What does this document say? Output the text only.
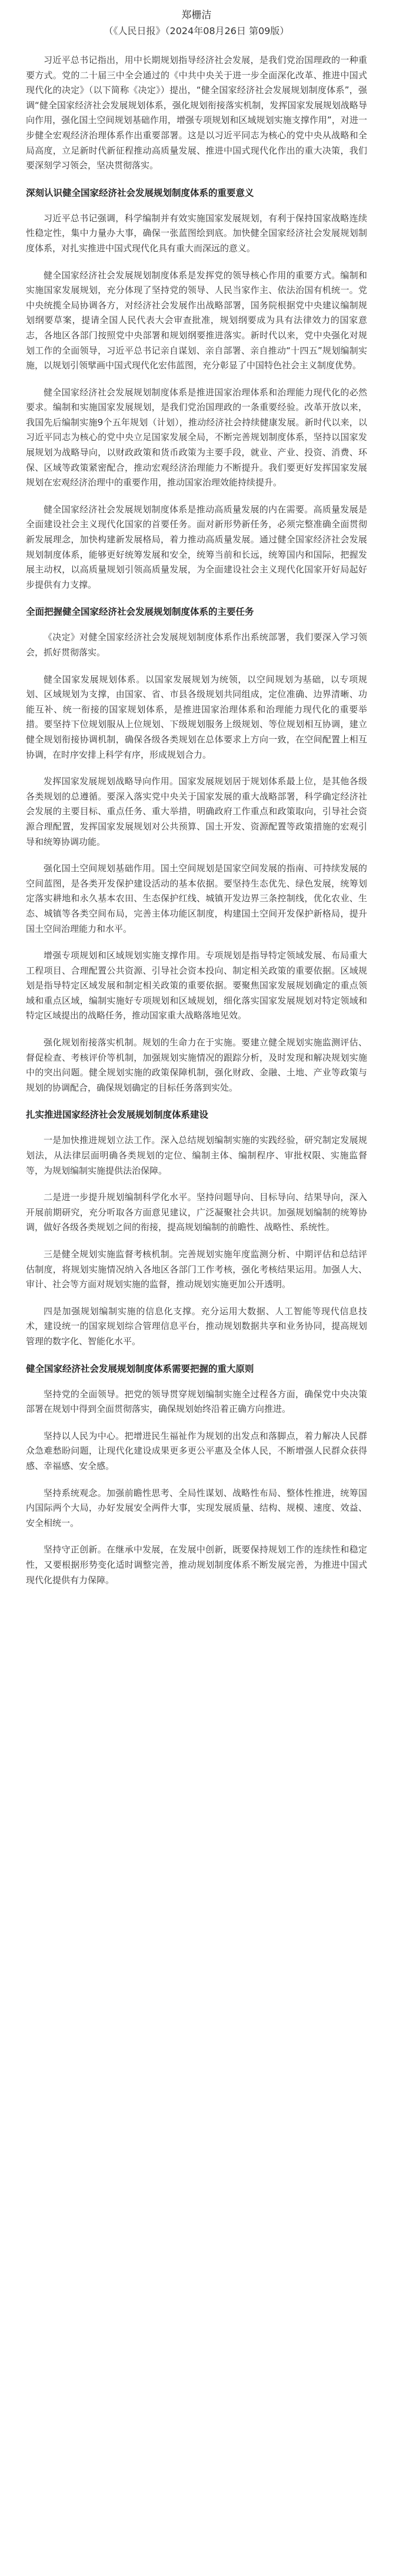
郑栅洁

（《人民日报》（2024年08月26日 第09版）

习近平总书记指出，用中长期规划指导经济社会发展，是我们党治国理政的一种重要方式。党的二十届三中全会通过的《中共中央关于进一步全面深化改革、推进中国式现代化的决定》（以下简称《决定》）提出，“健全国家经济社会发展规划制度体系”，强调“健全国家经济社会发展规划体系，强化规划衔接落实机制，发挥国家发展规划战略导向作用，强化国土空间规划基础作用，增强专项规划和区域规划实施支撑作用”，对进一步健全宏观经济治理体系作出重要部署。这是以习近平同志为核心的党中央从战略和全局高度，立足新时代新征程推动高质量发展、推进中国式现代化作出的重大决策，我们要深刻学习领会，坚决贯彻落实。

深刻认识健全国家经济社会发展规划制度体系的重要意义

习近平总书记强调，科学编制并有效实施国家发展规划，有利于保持国家战略连续性稳定性，集中力量办大事，确保一张蓝图绘到底。加快健全国家经济社会发展规划制度体系，对扎实推进中国式现代化具有重大而深远的意义。

健全国家经济社会发展规划制度体系是发挥党的领导核心作用的重要方式。编制和实施国家发展规划，充分体现了坚持党的领导、人民当家作主、依法治国有机统一。党中央统揽全局协调各方，对经济社会发展作出战略部署，国务院根据党中央建议编制规划纲要草案，提请全国人民代表大会审查批准，规划纲要成为具有法律效力的国家意志，各地区各部门按照党中央部署和规划纲要推进落实。新时代以来，党中央强化对规划工作的全面领导，习近平总书记亲自谋划、亲自部署、亲自推动“十四五”规划编制实施，以规划引领擘画中国式现代化宏伟蓝图，充分彰显了中国特色社会主义制度优势。

健全国家经济社会发展规划制度体系是推进国家治理体系和治理能力现代化的必然要求。编制和实施国家发展规划，是我们党治国理政的一条重要经验。改革开放以来，我国先后编制实施9个五年规划（计划），推动经济社会持续健康发展。新时代以来，以习近平同志为核心的党中央立足国家发展全局，不断完善规划制度体系，坚持以国家发展规划为战略导向，以财政政策和货币政策为主要手段，就业、产业、投资、消费、环保、区域等政策紧密配合，推动宏观经济治理能力不断提升。我们要更好发挥国家发展规划在宏观经济治理中的重要作用，推动国家治理效能持续提升。

健全国家经济社会发展规划制度体系是推动高质量发展的内在需要。高质量发展是全面建设社会主义现代化国家的首要任务。面对新形势新任务，必须完整准确全面贯彻新发展理念，加快构建新发展格局，着力推动高质量发展。通过健全国家经济社会发展规划制度体系，能够更好统筹发展和安全，统筹当前和长远，统筹国内和国际，把握发展主动权，以高质量规划引领高质量发展，为全面建设社会主义现代化国家开好局起好步提供有力支撑。

全面把握健全国家经济社会发展规划制度体系的主要任务

《决定》对健全国家经济社会发展规划制度体系作出系统部署，我们要深入学习领会，抓好贯彻落实。

健全国家发展规划体系。以国家发展规划为统领，以空间规划为基础，以专项规划、区域规划为支撑，由国家、省、市县各级规划共同组成，定位准确、边界清晰、功能互补、统一衔接的国家规划体系，是推进国家治理体系和治理能力现代化的重要举措。要坚持下位规划服从上位规划、下级规划服务上级规划、等位规划相互协调，建立健全规划衔接协调机制，确保各级各类规划在总体要求上方向一致，在空间配置上相互协调，在时序安排上科学有序，形成规划合力。

发挥国家发展规划战略导向作用。国家发展规划居于规划体系最上位，是其他各级各类规划的总遵循。要深入落实党中央关于国家发展的重大战略部署，科学确定经济社会发展的主要目标、重点任务、重大举措，明确政府工作重点和政策取向，引导社会资源合理配置，发挥国家发展规划对公共预算、国土开发、资源配置等政策措施的宏观引导和统筹协调功能。

强化国土空间规划基础作用。国土空间规划是国家空间发展的指南、可持续发展的空间蓝图，是各类开发保护建设活动的基本依据。要坚持生态优先、绿色发展，统筹划定落实耕地和永久基本农田、生态保护红线、城镇开发边界三条控制线，优化农业、生态、城镇等各类空间布局，完善主体功能区制度，构建国土空间开发保护新格局，提升国土空间治理能力和水平。

增强专项规划和区域规划实施支撑作用。专项规划是指导特定领域发展、布局重大工程项目、合理配置公共资源、引导社会资本投向、制定相关政策的重要依据。区域规划是指导特定区域发展和制定相关政策的重要依据。要聚焦国家发展规划确定的重点领域和重点区域，编制实施好专项规划和区域规划，细化落实国家发展规划对特定领域和特定区域提出的战略任务，推动国家重大战略落地见效。

强化规划衔接落实机制。规划的生命力在于实施。要建立健全规划实施监测评估、督促检查、考核评价等机制，加强规划实施情况的跟踪分析，及时发现和解决规划实施中的突出问题。健全规划实施的政策保障机制，强化财政、金融、土地、产业等政策与规划的协调配合，确保规划确定的目标任务落到实处。

扎实推进国家经济社会发展规划制度体系建设

一是加快推进规划立法工作。深入总结规划编制实施的实践经验，研究制定发展规划法，从法律层面明确各类规划的定位、编制主体、编制程序、审批权限、实施监督等，为规划编制实施提供法治保障。

二是进一步提升规划编制科学化水平。坚持问题导向、目标导向、结果导向，深入开展前期研究，充分听取各方面意见建议，广泛凝聚社会共识。加强规划编制的统筹协调，做好各级各类规划之间的衔接，提高规划编制的前瞻性、战略性、系统性。

三是健全规划实施监督考核机制。完善规划实施年度监测分析、中期评估和总结评估制度，将规划实施情况纳入各地区各部门工作考核，强化考核结果运用。加强人大、审计、社会等方面对规划实施的监督，推动规划实施更加公开透明。

四是加强规划编制实施的信息化支撑。充分运用大数据、人工智能等现代信息技术，建设统一的国家规划综合管理信息平台，推动规划数据共享和业务协同，提高规划管理的数字化、智能化水平。

健全国家经济社会发展规划制度体系需要把握的重大原则

坚持党的全面领导。把党的领导贯穿规划编制实施全过程各方面，确保党中央决策部署在规划中得到全面贯彻落实，确保规划始终沿着正确方向推进。

坚持以人民为中心。把增进民生福祉作为规划的出发点和落脚点，着力解决人民群众急难愁盼问题，让现代化建设成果更多更公平惠及全体人民，不断增强人民群众获得感、幸福感、安全感。

坚持系统观念。加强前瞻性思考、全局性谋划、战略性布局、整体性推进，统筹国内国际两个大局，办好发展安全两件大事，实现发展质量、结构、规模、速度、效益、安全相统一。

坚持守正创新。在继承中发展，在发展中创新，既要保持规划工作的连续性和稳定性，又要根据形势变化适时调整完善，推动规划制度体系不断发展完善，为推进中国式现代化提供有力保障。
